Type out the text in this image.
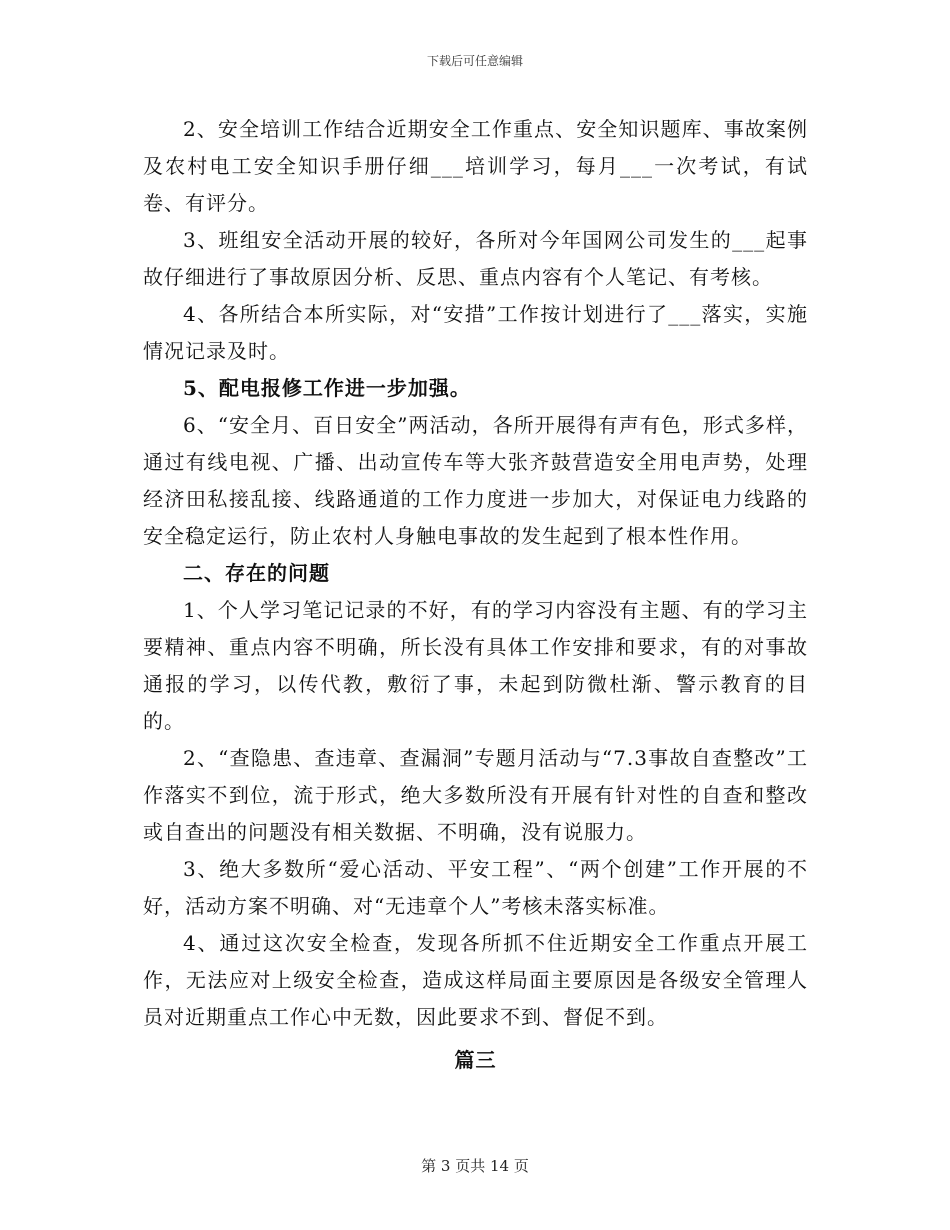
下载后可任意编辑

2、安全培训工作结合近期安全工作重点、安全知识题库、事故案例及农村电工安全知识手册仔细___培训学习，每月___一次考试，有试卷、有评分。

3、班组安全活动开展的较好，各所对今年国网公司发生的___起事故仔细进行了事故原因分析、反思、重点内容有个人笔记、有考核。

4、各所结合本所实际，对“安措”工作按计划进行了___落实，实施情况记录及时。

5、配电报修工作进一步加强。

6、“安全月、百日安全”两活动，各所开展得有声有色，形式多样，通过有线电视、广播、出动宣传车等大张齐鼓营造安全用电声势，处理经济田私接乱接、线路通道的工作力度进一步加大，对保证电力线路的安全稳定运行，防止农村人身触电事故的发生起到了根本性作用。

二、存在的问题

1、个人学习笔记记录的不好，有的学习内容没有主题、有的学习主要精神、重点内容不明确，所长没有具体工作安排和要求，有的对事故通报的学习，以传代教，敷衍了事，未起到防微杜渐、警示教育的目的。

2、“查隐患、查违章、查漏洞”专题月活动与“7.3事故自查整改”工作落实不到位，流于形式，绝大多数所没有开展有针对性的自查和整改或自查出的问题没有相关数据、不明确，没有说服力。

3、绝大多数所“爱心活动、平安工程”、“两个创建”工作开展的不好，活动方案不明确、对“无违章个人”考核未落实标准。

4、通过这次安全检查，发现各所抓不住近期安全工作重点开展工作，无法应对上级安全检查，造成这样局面主要原因是各级安全管理人员对近期重点工作心中无数，因此要求不到、督促不到。

篇三
第 3 页共 14 页
